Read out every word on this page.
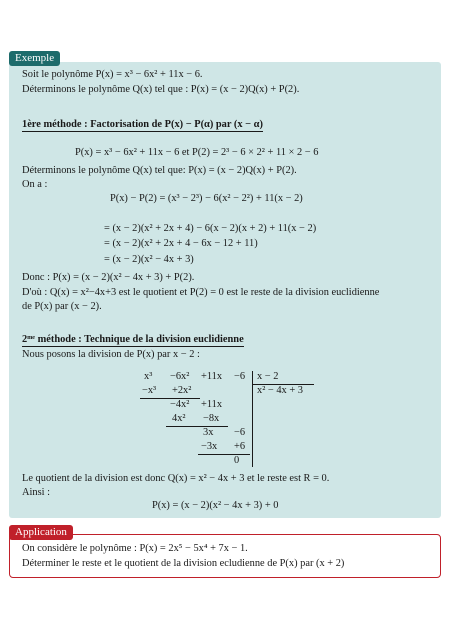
Exemple
Soit le polynôme P(x) = x³ − 6x² + 11x − 6.
Déterminons le polynôme Q(x) tel que : P(x) = (x − 2)Q(x) + P(2).
1ère méthode : Factorisation de P(x) − P(α) par (x − α)
P(x) = x³ − 6x² + 11x − 6 et P(2) = 2³ − 6 × 2² + 11 × 2 − 6
Déterminons le polynôme Q(x) tel que: P(x) = (x − 2)Q(x) + P(2).
On a :
P(x) − P(2) = (x³ − 2³) − 6(x² − 2²) + 11(x − 2)
= (x − 2)(x² + 2x + 4) − 6(x − 2)(x + 2) + 11(x − 2)
= (x − 2)(x² + 2x + 4 − 6x − 12 + 11)
= (x − 2)(x² − 4x + 3)
Donc : P(x) = (x − 2)(x² − 4x + 3) + P(2).
D'où : Q(x) = x²−4x+3 est le quotient et P(2) = 0 est le reste de la division euclidienne
de P(x) par (x − 2).
2ᵐᵉ méthode : Technique de la division euclidienne
Nous posons la division de P(x) par x − 2 :
x³ −6x² +11x −6 x − 2
−x³ +2x²	x² − 4x + 3
−4x² +11x
4x² −8x
3x −6
−3x +6
0
Le quotient de la division est donc Q(x) = x² − 4x + 3 et le reste est R = 0.
Ainsi :
P(x) = (x − 2)(x² − 4x + 3) + 0
Application
On considère le polynôme : P(x) = 2x⁵ − 5x⁴ + 7x − 1.
Déterminer le reste et le quotient de la division ecludienne de P(x) par (x + 2)
